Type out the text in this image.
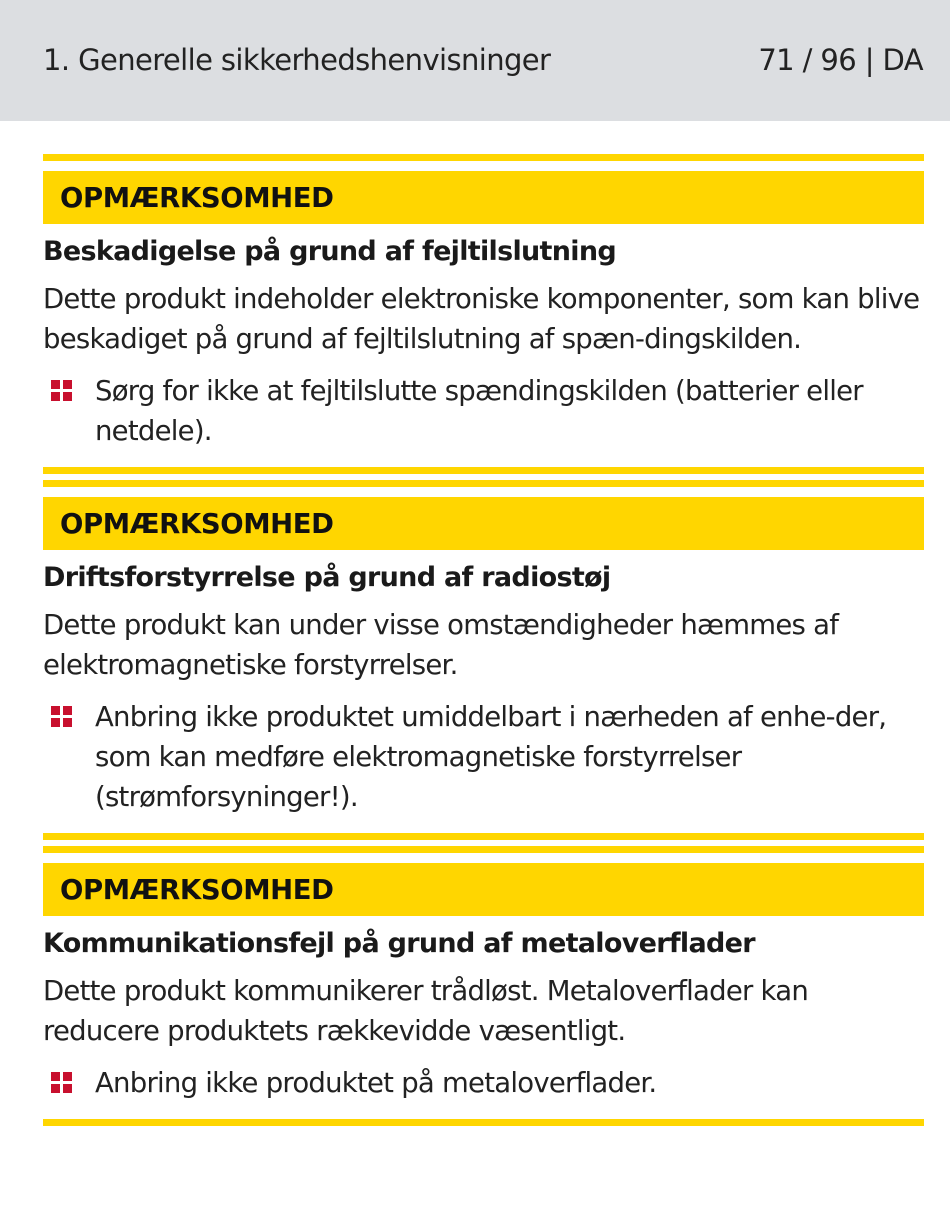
1. Generelle sikkerhedshenvisninger	71 / 96 | DA
OPMÆRKSOMHED
Beskadigelse på grund af fejltilslutning
Dette produkt indeholder elektroniske komponenter, som kan blive beskadiget på grund af fejltilslutning af spæn-dingskilden.
Sørg for ikke at fejltilslutte spændingskilden (batterier eller netdele).
OPMÆRKSOMHED
Driftsforstyrrelse på grund af radiostøj
Dette produkt kan under visse omstændigheder hæmmes af elektromagnetiske forstyrrelser.
Anbring ikke produktet umiddelbart i nærheden af enhe-der, som kan medføre elektromagnetiske forstyrrelser (strømforsyninger!).
OPMÆRKSOMHED
Kommunikationsfejl på grund af metaloverflader
Dette produkt kommunikerer trådløst. Metaloverflader kan reducere produktets rækkevidde væsentligt.
Anbring ikke produktet på metaloverflader.
